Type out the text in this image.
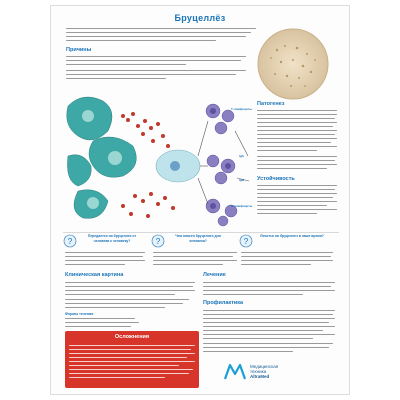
Бруцеллёз
Причины
Т-лимфоциты
IgG
IgM
B-лимфоциты
Патогенез
Устойчивость
?
Передается ли бруцеллез от человека к человеку?	?
Чем опасен бруцеллез для человека?	?
Лечится ли бруцеллез в наше время?
Клиническая картина
Формы течения
Лечение
Профилактика
Осложнения
Медицинская
техника
AltraMed
